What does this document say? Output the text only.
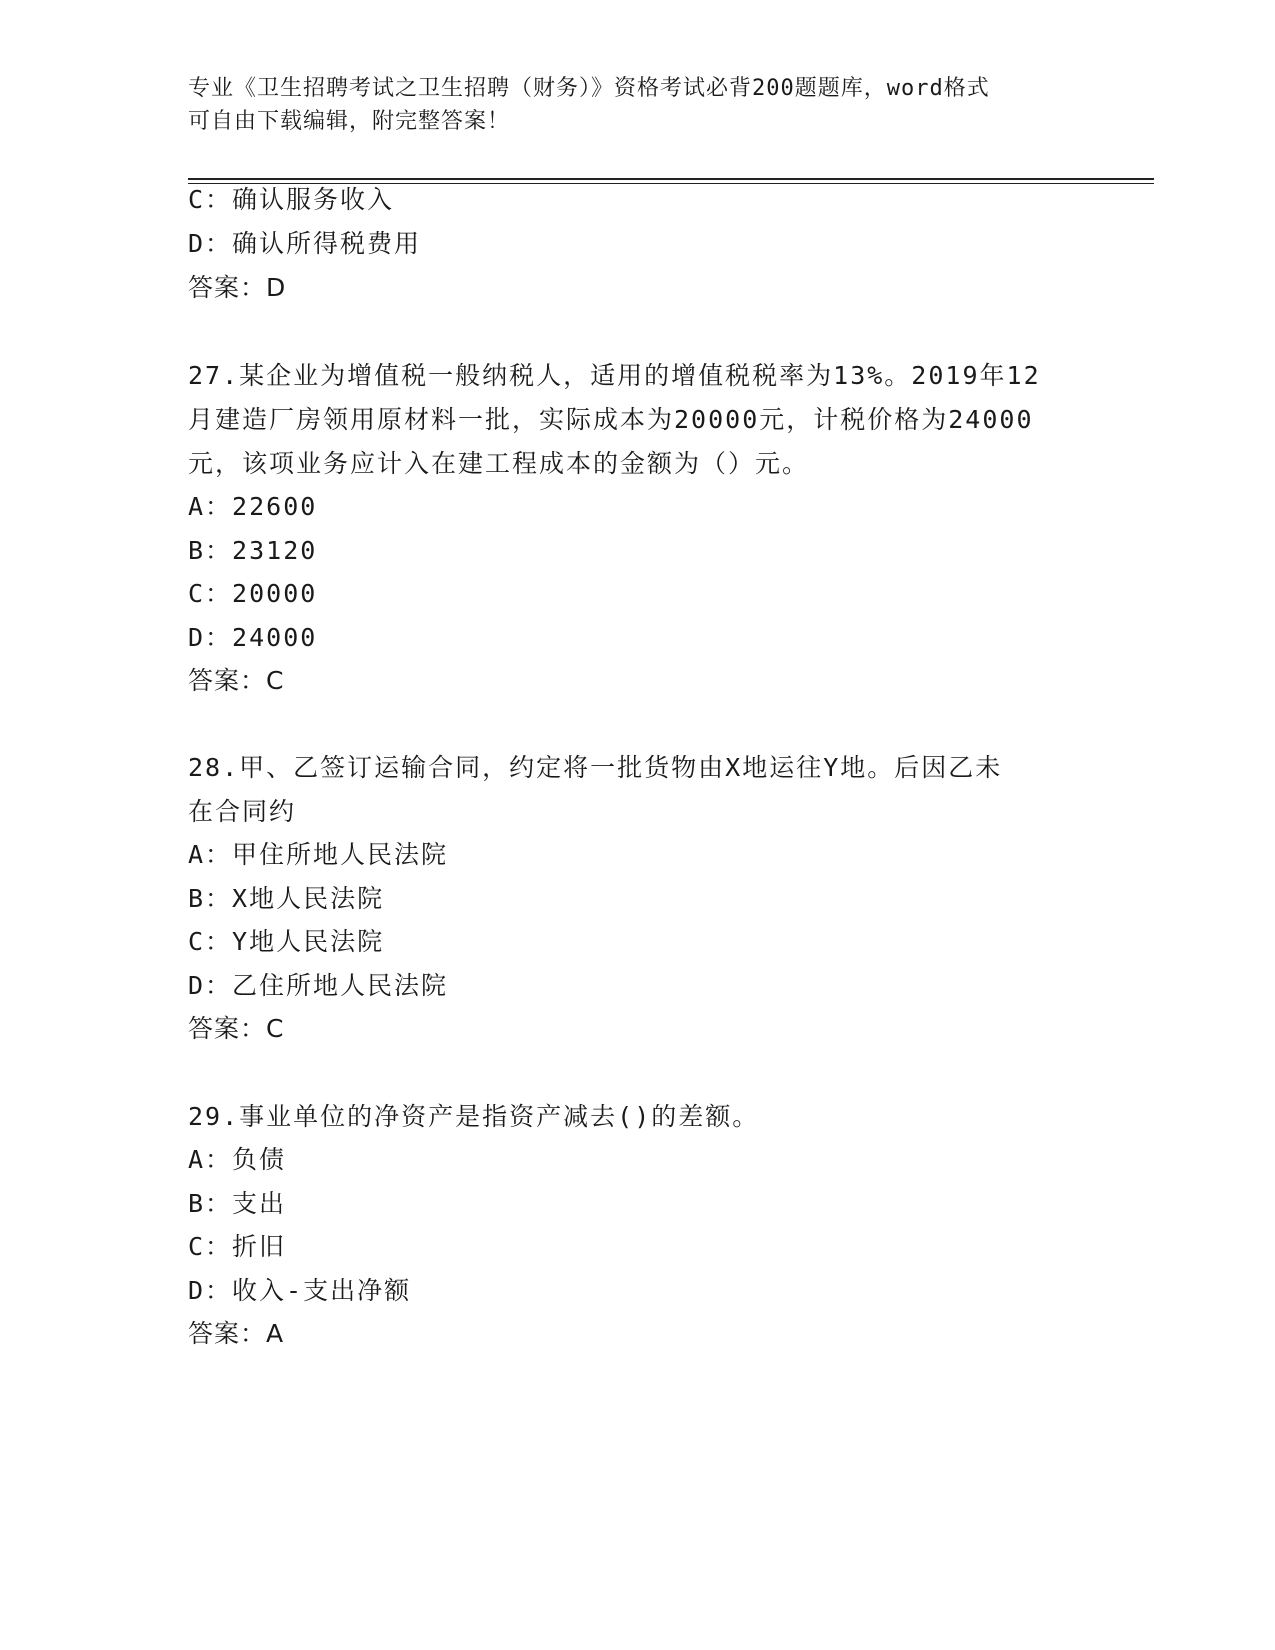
专业《卫生招聘考试之卫生招聘（财务）》资格考试必背200题题库，word格式
可自由下载编辑，附完整答案！
C：确认服务收入
D：确认所得税费用
答案：D
27.某企业为增值税一般纳税人，适用的增值税税率为13%。2019年12
月建造厂房领用原材料一批，实际成本为20000元，计税价格为24000
元，该项业务应计入在建工程成本的金额为（）元。
A：22600
B：23120
C：20000
D：24000
答案：C
28.甲、乙签订运输合同，约定将一批货物由X地运往Y地。后因乙未
在合同约
A：甲住所地人民法院
B：X地人民法院
C：Y地人民法院
D：乙住所地人民法院
答案：C
29.事业单位的净资产是指资产减去()的差额。
A：负债
B：支出
C：折旧
D：收入-支出净额
答案：A
